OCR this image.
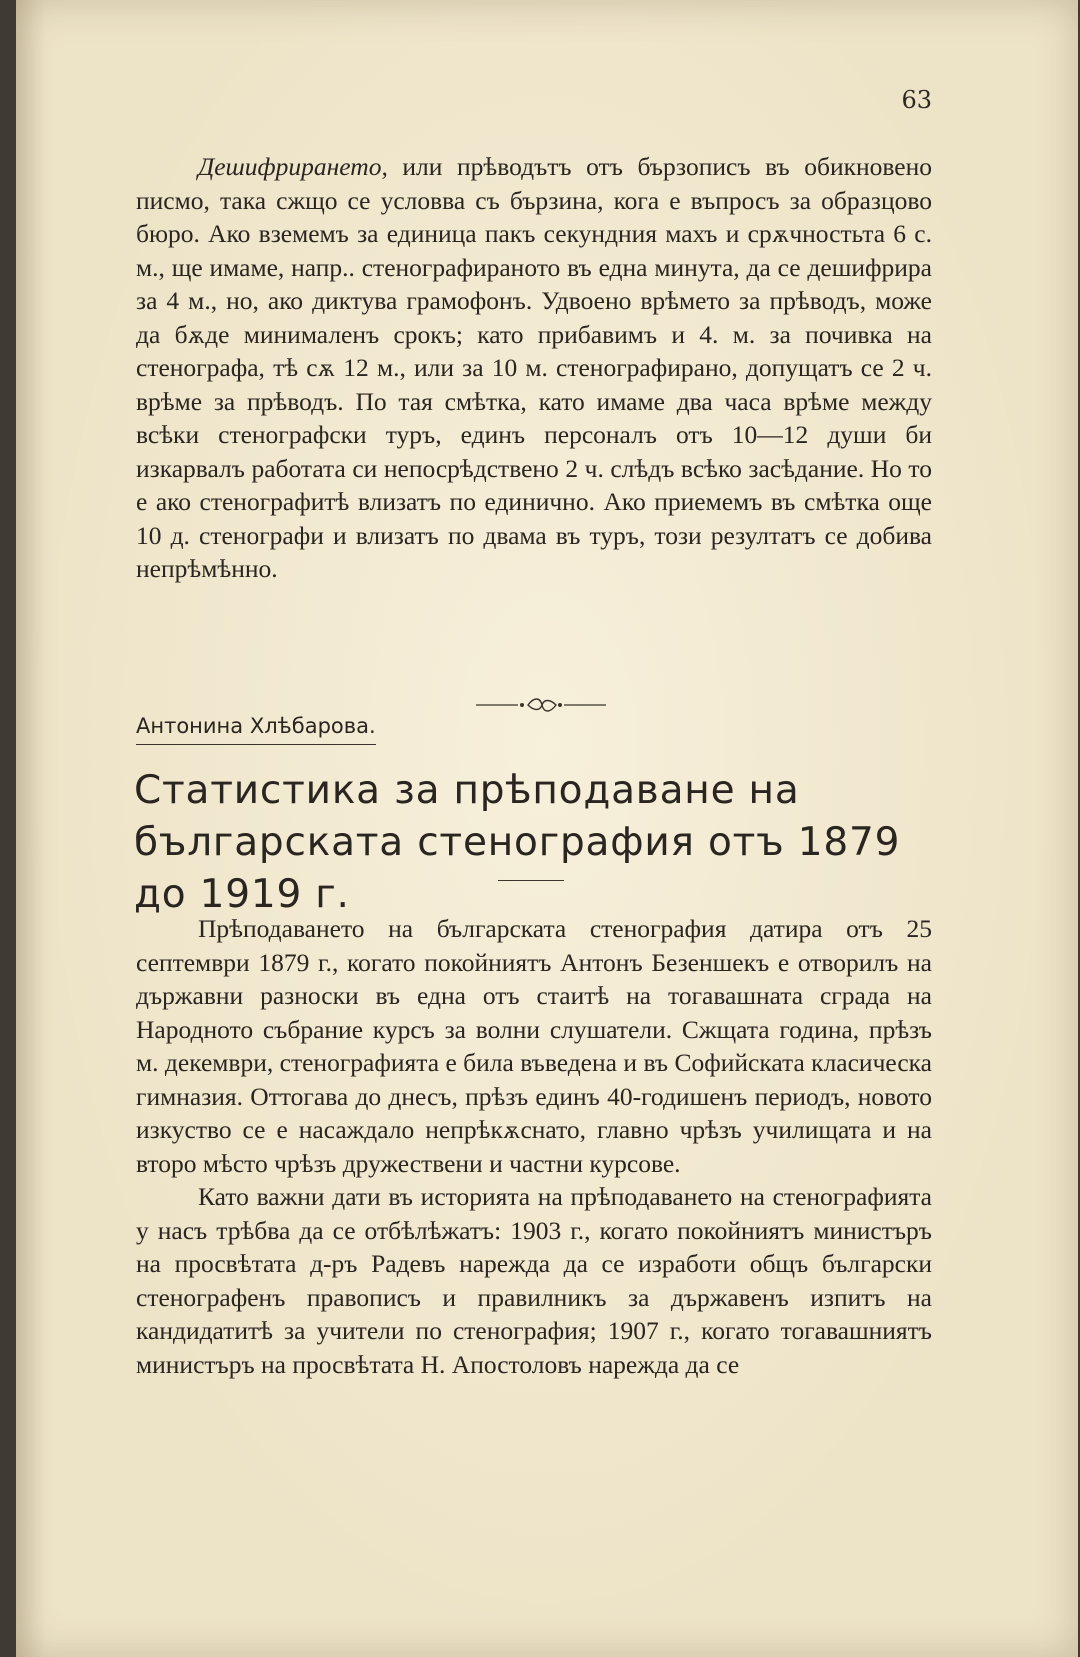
63

Дешифрирането, или прѣводътъ отъ бързописъ въ обикновено писмо, така сжщо се условва съ бързина, кога е въпросъ за образцово бюро. Ако вземемъ за единица пакъ секундния махъ и срѫчностьта 6 с. м., ще имаме, напр.. стенографираното въ една минута, да се дешифрира за 4 м., но, ако диктува грамофонъ. Удвоено врѣмето за прѣводъ, може да бѫде минималенъ срокъ; като прибавимъ и 4. м. за почивка на стенографа, тѣ сѫ 12 м., или за 10 м. стенографирано, допущатъ се 2 ч. врѣме за прѣводъ. По тая смѣтка, като имаме два часа врѣме между всѣки стенографски туръ, единъ персоналъ отъ 10—12 души би изкарвалъ работата си непосрѣдствено 2 ч. слѣдъ всѣко засѣдание. Но то е ако стенографитѣ влизатъ по единично. Ако приемемъ въ смѣтка още 10 д. стенографи и влизатъ по двама въ туръ, този резултатъ се добива непрѣмѣнно.

Антонина Хлѣбарова.
Статистика за прѣподаване на българската стенография отъ 1879 до 1919 г.

Прѣподаването на българската стенография датира отъ 25 септември 1879 г., когато покойниятъ Антонъ Безеншекъ е отворилъ на държавни разноски въ една отъ стаитѣ на тогавашната сграда на Народното събрание курсъ за волни слушатели. Сжщата година, прѣзъ м. декември, стенографията е била въведена и въ Софийската класическа гимназия. Оттогава до днесъ, прѣзъ единъ 40-годишенъ периодъ, новото изкуство се е насаждало непрѣкѫснато, главно чрѣзъ училищата и на второ мѣсто чрѣзъ дружествени и частни курсове.

Като важни дати въ историята на прѣподаването на стенографията у насъ трѣбва да се отбѣлѣжатъ: 1903 г., когато покойниятъ министъръ на просвѣтата д-ръ Радевъ нарежда да се изработи общъ български стенографенъ правописъ и правилникъ за държавенъ изпитъ на кандидатитѣ за учители по стенография; 1907 г., когато тогавашниятъ министъръ на просвѣтата Н. Апостоловъ нарежда да се
